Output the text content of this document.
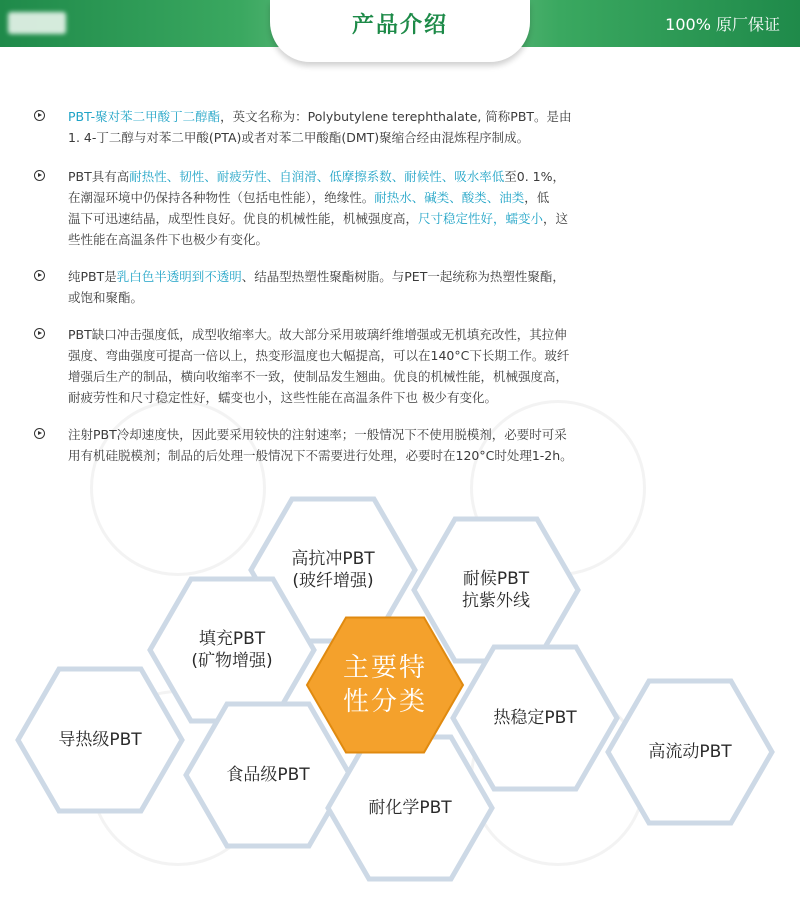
产品介绍	100% 原厂保证
PBT-聚对苯二甲酸丁二醇酯，英文名称为：Polybutylene terephthalate, 简称PBT。是由
1. 4-丁二醇与对苯二甲酸(PTA)或者对苯二甲酸酯(DMT)聚缩合经由混炼程序制成。
PBT具有高耐热性、韧性、耐疲劳性、自润滑、低摩擦系数、耐候性、吸水率低至0. 1%，
在潮湿环境中仍保持各种物性（包括电性能），绝缘性。耐热水、碱类、酸类、油类，低
温下可迅速结晶，成型性良好。优良的机械性能，机械强度高，尺寸稳定性好，蠕变小，这
些性能在高温条件下也极少有变化。
纯PBT是乳白色半透明到不透明、结晶型热塑性聚酯树脂。与PET一起统称为热塑性聚酯，
或饱和聚酯。
PBT缺口冲击强度低，成型收缩率大。故大部分采用玻璃纤维增强或无机填充改性，其拉伸
强度、弯曲强度可提高一倍以上，热变形温度也大幅提高，可以在140°C下长期工作。玻纤
增强后生产的制品，横向收缩率不一致，使制品发生翘曲。优良的机械性能，机械强度高，
耐疲劳性和尺寸稳定性好，蠕变也小，这些性能在高温条件下也 极少有变化。
注射PBT冷却速度快，因此要采用较快的注射速率；一般情况下不使用脱模剂，必要时可采
用有机硅脱模剂；制品的后处理一般情况下不需要进行处理，必要时在120°C时处理1-2h。
高抗冲PBT
(玻纤增强)	耐候PBT
抗紫外线
填充PBT
(矿物增强)
热稳定PBT
导热级PBT
高流动PBT
食品级PBT
耐化学PBT
主要特
性分类
